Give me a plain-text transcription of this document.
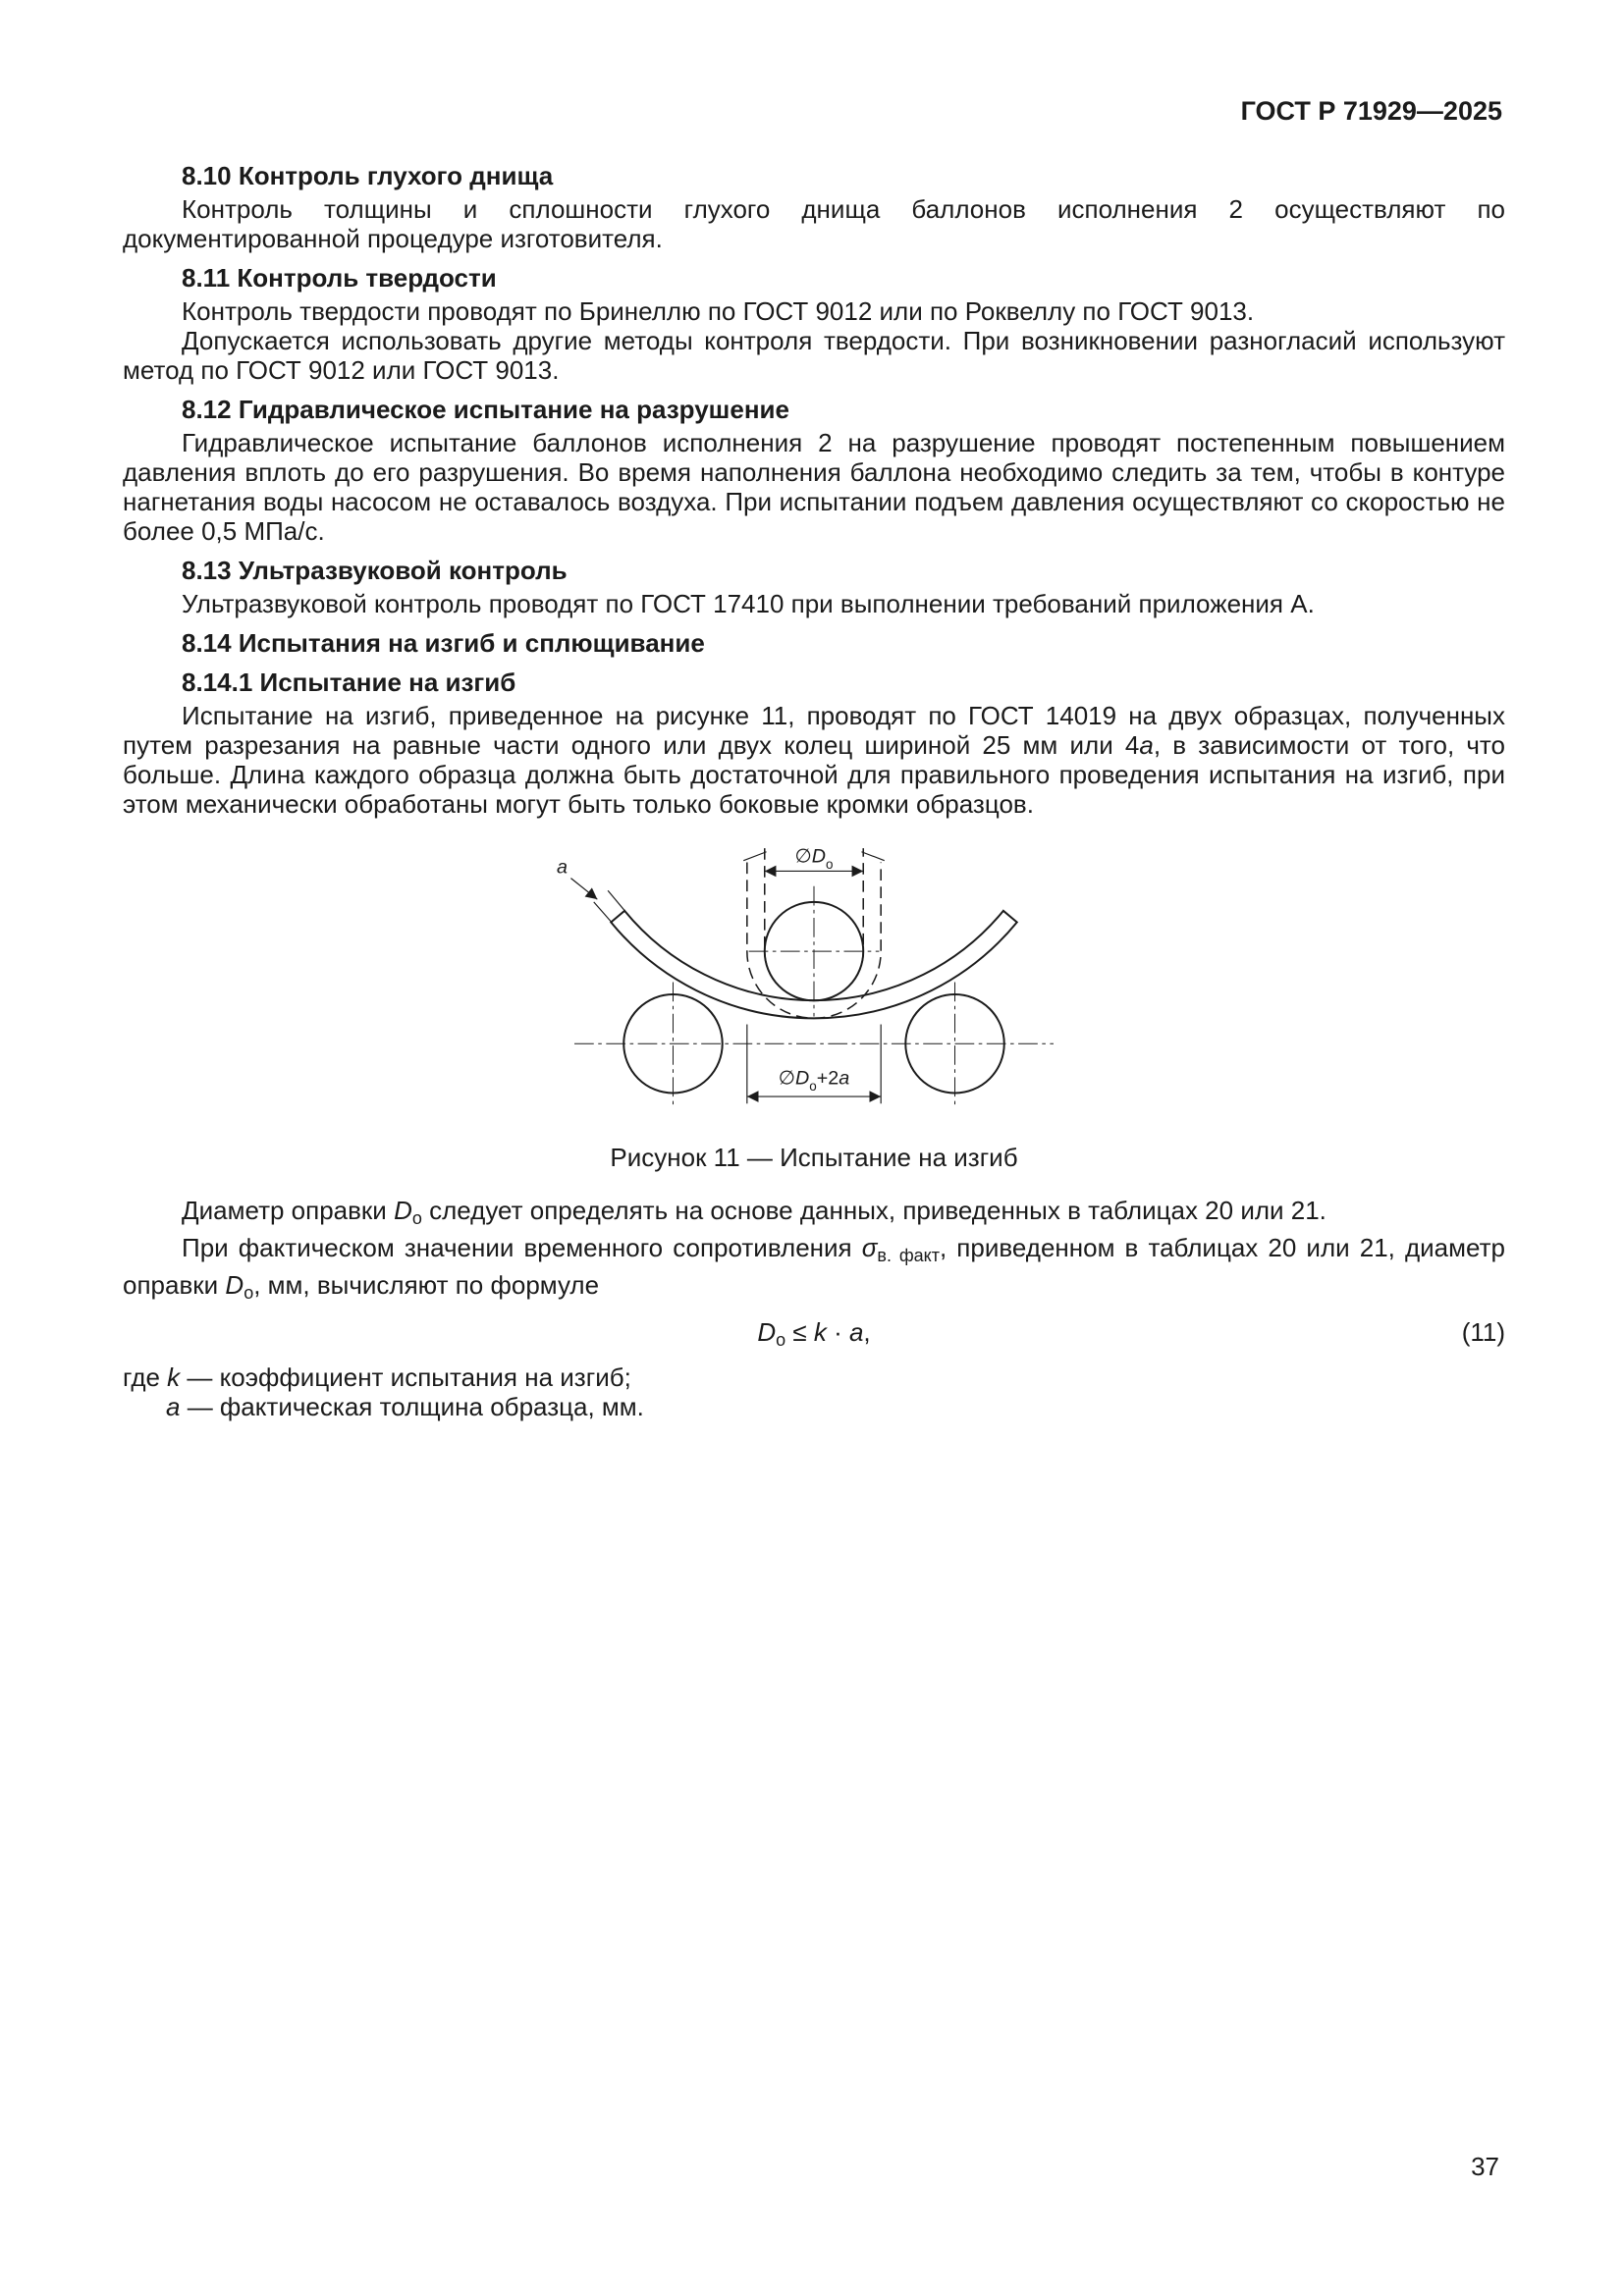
ГОСТ Р 71929—2025
8.10 Контроль глухого днища

Контроль толщины и сплошности глухого днища баллонов исполнения 2 осуществляют по документированной процедуре изготовителя.

8.11 Контроль твердости

Контроль твердости проводят по Бринеллю по ГОСТ 9012 или по Роквеллу по ГОСТ 9013.

Допускается использовать другие методы контроля твердости. При возникновении разногласий используют метод по ГОСТ 9012 или ГОСТ 9013.

8.12 Гидравлическое испытание на разрушение

Гидравлическое испытание баллонов исполнения 2 на разрушение проводят постепенным повышением давления вплоть до его разрушения. Во время наполнения баллона необходимо следить за тем, чтобы в контуре нагнетания воды насосом не оставалось воздуха. При испытании подъем давления осуществляют со скоростью не более 0,5 МПа/с.

8.13 Ультразвуковой контроль

Ультразвуковой контроль проводят по ГОСТ 17410 при выполнении требований приложения А.

8.14 Испытания на изгиб и сплющивание
8.14.1 Испытание на изгиб

Испытание на изгиб, приведенное на рисунке 11, проводят по ГОСТ 14019 на двух образцах, полученных путем разрезания на равные части одного или двух колец шириной 25 мм или 4a, в зависимости от того, что больше. Длина каждого образца должна быть достаточной для правильного проведения испытания на изгиб, при этом механически обработаны могут быть только боковые кромки образцов.

$\emptyset D_о$
a
$\emptyset D_о+2a$

Рисунок 11 — Испытание на изгиб

Диаметр оправки Dо следует определять на основе данных, приведенных в таблицах 20 или 21.

При фактическом значении временного сопротивления σв. факт, приведенном в таблицах 20 или 21, диаметр оправки Dо, мм, вычисляют по формуле

Dо ≤ k · a,	(11)

где k — коэффициент испытания на изгиб;

a — фактическая толщина образца, мм.

37
